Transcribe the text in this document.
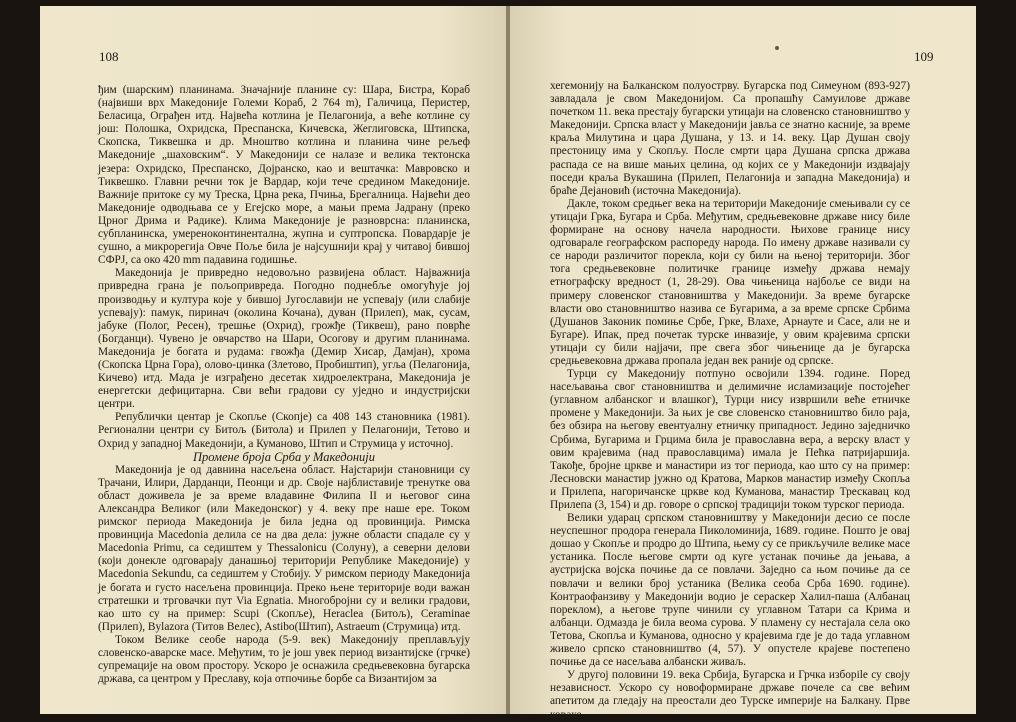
108

ђим (шарским) планинама. Значајније планине су: Шара, Бистра, Кораб (највиши врх Македоније Големи Кораб, 2 764 m), Галичица, Перистер, Беласица, Ограђен итд. Највећа котлина је Пелагонија, а веће котлине су још: Полошка, Охридска, Преспанска, Кичевска, Жеглиговска, Штипска, Скопска, Тиквешка и др. Мноштво котлина и планина чине рељеф Македоније „шаховским“. У Македонији се налазе и велика тектонска језера: Охридско, Преспанско, Дојранско, као и вештачка: Мавровско и Тиквешко. Главни речни ток је Вардар, који тече средином Македоније. Важније притоке су му Треска, Црна река, Пчиња, Брегалница. Највећи део Македоније одводњава се у Егејско море, а мањи према Јадрану (преко Црног Дрима и Радике). Клима Македоније је разноврсна: планинска, субпланинска, умереноконтинентална, жупна и суптропска. Повардарје је сушно, а микрорегија Овче Поље била је најсушнији крај у читавој бившој СФРЈ, са око 420 mm падавина годишње.

Македонија је привредно недовољно развијена област. Најважнија привредна грана је пољопривреда. Погодно поднебље омогућује јој производњу и културa које у бившој Југославији не успевају (или слабије успевају): памук, пиринач (околина Кочана), дуван (Прилеп), мак, сусам, јабуке (Полог, Ресен), трешње (Охрид), грожђе (Тиквеш), рано поврће (Богданци). Чувено је овчарство на Шари, Осогову и другим планинама. Македонија је богата и рудама: гвожђа (Демир Хисар, Дамјан), хрома (Скопска Црна Гора), олово-цинка (Злетово, Пробиштип), угља (Пелагонија, Кичево) итд. Мада је изграђено десетак хидроелектрана, Македонија је енергетски дефицитарна. Сви већи градови су уједно и индустријски центри.

Републички центар је Скопље (Скопје) са 408 143 становника (1981). Регионални центри су Битољ (Битола) и Прилеп у Пелагонији, Тетово и Охрид у западној Македонији, а Куманово, Штип и Струмица у источној.

Промене броја Срба у Македонији

Македонија је од давнина насељена област. Најстарији становници су Трачани, Илири, Дарданци, Пеонци и др. Своје најблиставије тренутке ова област доживела је за време владавине Филипа II и његовог сина Александра Великог (или Македонског) у 4. веку пре наше ере. Током римског периода Македонија је била једна од провинција. Римска провинција Macedonia делила се на два дела: јужне области спадале су у Macedonia Primu, са седиштем у Thessalonicu (Солуну), а северни делови (који донекле одговарају данашњој територији Републике Македоније) у Macedonia Sekundu, са седиштем у Стобију. У римском периоду Македонија је богата и густо насељена провинција. Преко њене територије води важан стратешки и трговачки пут Via Egnatia. Многобројни су и велики градови, као што су на пример: Scupi (Скопље), Heraclea (Битољ), Ceraminae (Прилеп), Bylazora (Титов Велес), Astibo(Штип), Astraeum (Струмица) итд.

Током Велике сеобе народа (5-9. век) Македонију преплављују словенско-аварске масе. Међутим, то је још увек период византијске (грчке) супремације на овом простору. Ускоро је оснажила средњевековна бугарска држава, са центром у Преславу, која отпочиње борбе са Византијом за

109

хегемонију на Балканском полуострву. Бугарска под Симеуном (893-927) завладала је свом Македонијом. Са пропашћу Самуилове државе почетком 11. века престају бугарски утицаји на словенско становништво у Македонији. Српска власт у Македонији јавља се знатно касније, за време краља Милутина и цара Душана, у 13. и 14. веку. Цар Душан своју престоницу има у Скопљу. После смрти цара Душана српска држава распада се на више мањих целина, од којих се у Македонији издвајају поседи краља Вукашина (Прилеп, Пелагонија и западна Македонија) и браће Дејановић (источна Македонија).

Дакле, током средњег века на територији Македоније смењивали су се утицаји Грка, Бугара и Срба. Међутим, средњевековне државе нису биле формиране на основу начела народности. Њихове границе нису одговарале географском распореду народа. По имену државе називали су се народи различитог порекла, који су били на њеној територији. Због тога средњевековне политичке границе између држава немају етнографску вредност (1, 28-29). Ова чињеница најбоље се види на примеру словенског становништва у Македонији. За време бугарске власти ово становништво назива се Бугарима, а за време српске Србима (Душанов Законик помиње Србе, Грке, Влахе, Арнауте и Сасе, али не и Бугаре). Ипак, пред почетак турске инвазије, у овим крајевима српски утицаји су били најјачи, пре свега због чињенице да је бугарска средњевековна држава пропала један век раније од српске.

Турци су Македонију потпуно освојили 1394. године. Поред насељавања свог становништва и делимичне исламизације постојећег (углавном албанског и влашког), Турци нису извршили веће етничке промене у Македонији. За њих је све словенско становништво било раја, без обзира на његову евентуалну етничку припадност. Једино заједничко Србима, Бугарима и Грцима била је православна вера, а верску власт у овим крајевима (над православцима) имала је Пећка патријаршија. Такође, бројне цркве и манастири из тог периода, као што су на пример: Лесновски манастир јужно од Кратова, Марков манастир између Скопља и Прилепа, нагоричанске цркве код Куманова, манастир Трескавац код Прилепа (3, 154) и др. говоре о српској традицији током турског периода.

Велики ударац српском становништву у Македонији десио се после неуспешног продора генерала Пиколоминија, 1689. године. Пошто је овај дошао у Скопље и продро до Штипа, њему су се прикључиле велике масе устаника. После његове смрти од куге устанак почиње да јењава, а аустријска војска почиње да се повлачи. Заједно са њом почиње да се повлачи и велики број устаника (Велика сеоба Срба 1690. године). Контраофанзиву у Македонији водио је сераскер Халил-паша (Албанац пореклом), а његове трупе чинили су углавном Татари са Крима и албанци. Одмазда је била веома сурова. У пламену су нестајала села око Тетова, Скопља и Куманова, односно у крајевима где је до тада углавном живело српско становништво (4, 57). У опустеле крајеве постепено почиње да се насељава албански живаљ.

У другој половини 19. века Србија, Бугарска и Грчка изборile су своју независност. Ускоро су новоформиране државе почеле са све већим апетитом да гледају на преостали део Турске империје на Балкану. Прве корaке
